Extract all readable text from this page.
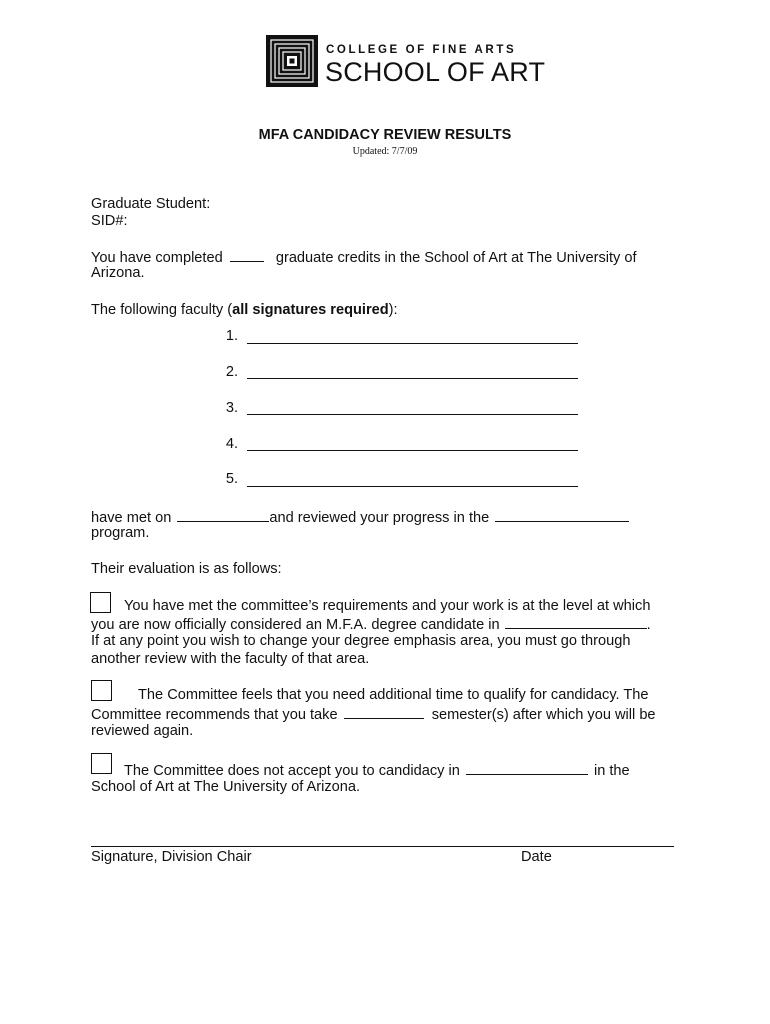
COLLEGE OF FINE ARTS
SCHOOL OF ART
MFA CANDIDACY REVIEW RESULTS
Updated: 7/7/09
Graduate Student:
SID#:
You have completed	graduate credits in the School of Art at The University of
Arizona.
The following faculty (all signatures required):
1.
2.
3.
4.
5.
have met on	and reviewed your progress in the
program.
Their evaluation is as follows:
You have met the committee’s requirements and your work is at the level at which
you are now officially considered an M.F.A. degree candidate in	.
If at any point you wish to change your degree emphasis area, you must go through
another review with the faculty of that area.
The Committee feels that you need additional time to qualify for candidacy. The
Committee recommends that you take	semester(s) after which you will be
reviewed again.
The Committee does not accept you to candidacy in	in the
School of Art at The University of Arizona.
Signature, Division Chair	Date
